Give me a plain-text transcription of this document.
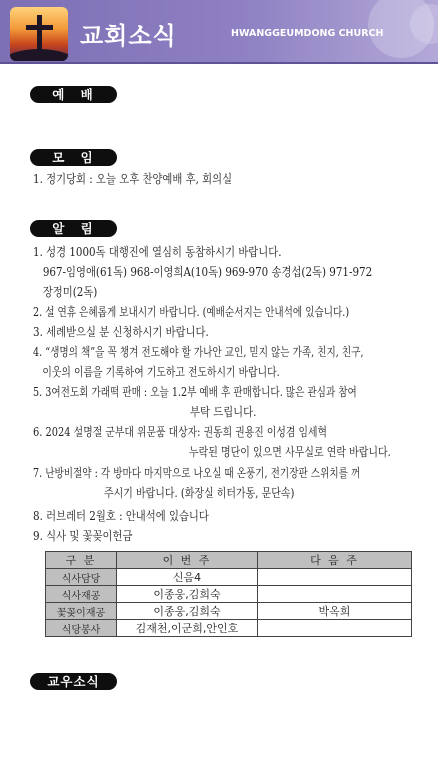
교회소식	HWANGGEUMDONG CHURCH
예 배
모 임
1. 정기당회 : 오늘 오후 찬양예배 후, 회의실
알 림
1. 성경 1000독 대행진에 열심히 동참하시기 바랍니다.
967-임영애(61독) 968-이영희A(10독) 969-970 송경섭(2독) 971-972
장정미(2독)
2. 설 연휴 은혜롭게 보내시기 바랍니다. (예배순서지는 안내석에 있습니다.)
3. 세례받으실 분 신청하시기 바랍니다.
4. “생명의 책”을 꼭 챙겨 전도해야 할 가나안 교인, 믿지 않는 가족, 친지, 친구,
이웃의 이름을 기록하여 기도하고 전도하시기 바랍니다.
5. 3여전도회 가래떡 판매 : 오늘 1.2부 예배 후 판매합니다. 많은 관심과 참여
부탁 드립니다.
6. 2024 설명절 군부대 위문품 대상자: 권동희 권용진 이성겸 임세혁
누락된 명단이 있으면 사무실로 연락 바랍니다.
7. 난방비절약 : 각 방마다 마지막으로 나오실 때 온풍기, 전기장판 스위치를 꺼
주시기 바랍니다. (화장실 히터가동, 문단속)
8. 러브레터 2월호 : 안내석에 있습니다
9. 식사 및 꽃꽂이헌금
구 분	이 번 주	다 음 주
식사담당	신음4	
식사재공	이종웅,김희숙	
꽃꽂이재공	이종웅,김희숙	박옥희
식당봉사	김재천,이군희,안인호	
교우소식
